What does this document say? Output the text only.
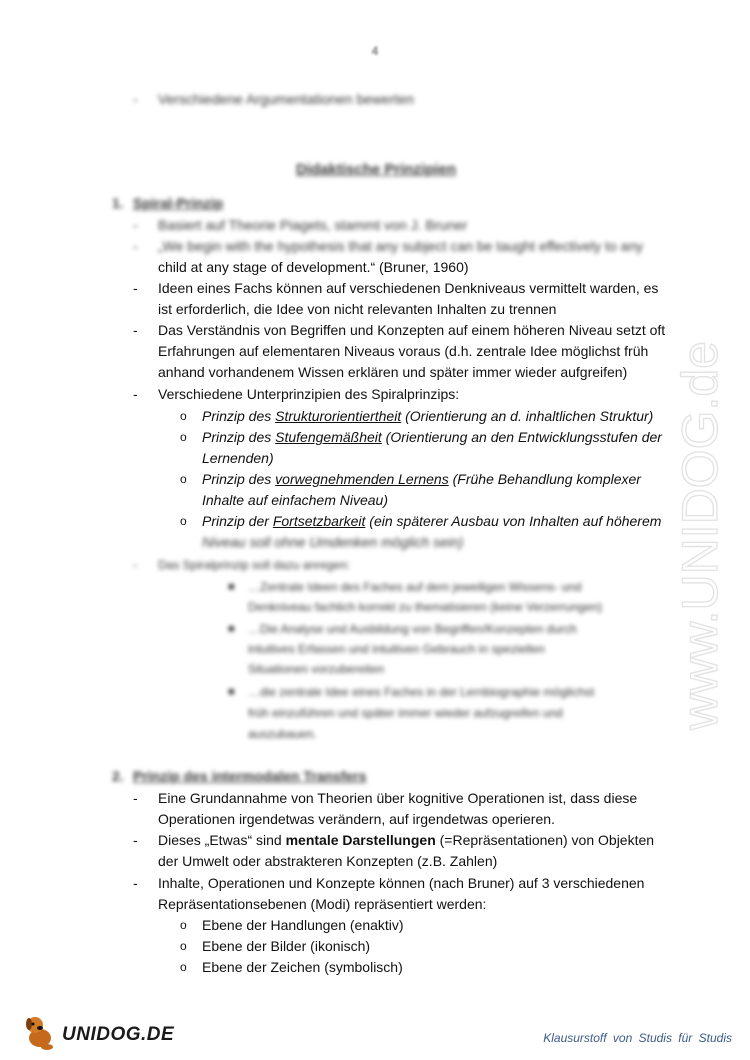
4
- Verschiedene Argumentationen bewerten
Didaktische Prinzipien
1. Spiral-Prinzip
- Basiert auf Theorie Piagets, stammt von J. Bruner
- „We begin with the hypothesis that any subject can be taught effectively to any
child at any stage of development.“ (Bruner, 1960)
- Ideen eines Fachs können auf verschiedenen Denkniveaus vermittelt warden, es
ist erforderlich, die Idee von nicht relevanten Inhalten zu trennen
- Das Verständnis von Begriffen und Konzepten auf einem höheren Niveau setzt oft
Erfahrungen auf elementaren Niveaus voraus (d.h. zentrale Idee möglichst früh
anhand vorhandenem Wissen erklären und später immer wieder aufgreifen)
- Verschiedene Unterprinzipien des Spiralprinzips:
o Prinzip des Strukturorientiertheit (Orientierung an d. inhaltlichen Struktur)
o Prinzip des Stufengemäßheit (Orientierung an den Entwicklungsstufen der
Lernenden)
o Prinzip des vorwegnehmenden Lernens (Frühe Behandlung komplexer
Inhalte auf einfachem Niveau)
o Prinzip der Fortsetzbarkeit (ein späterer Ausbau von Inhalten auf höherem
Niveau soll ohne Umdenken möglich sein)
- Das Spiralprinzip soll dazu anregen:
■ …Zentrale Ideen des Faches auf dem jeweiligen Wissens- und
Denkniveau fachlich korrekt zu thematisieren (keine Verzerrungen)
■ …Die Analyse und Ausbildung von Begriffen/Konzepten durch
intuitives Erfassen und intuitiven Gebrauch in speziellen
Situationen vorzubereiten
■ …die zentrale Idee eines Faches in der Lernbiographie möglichst
früh einzuführen und später immer wieder aufzugreifen und
auszubauen.
2. Prinzip des intermodalen Transfers
- Eine Grundannahme von Theorien über kognitive Operationen ist, dass diese
Operationen irgendetwas verändern, auf irgendetwas operieren.
- Dieses „Etwas“ sind mentale Darstellungen (=Repräsentationen) von Objekten
der Umwelt oder abstrakteren Konzepten (z.B. Zahlen)
- Inhalte, Operationen und Konzepte können (nach Bruner) auf 3 verschiedenen
Repräsentationsebenen (Modi) repräsentiert werden:
o Ebene der Handlungen (enaktiv)
o Ebene der Bilder (ikonisch)
o Ebene der Zeichen (symbolisch)
www.UNIDOG.de
UNIDOG.DE	Klausurstoff von Studis für Studis
